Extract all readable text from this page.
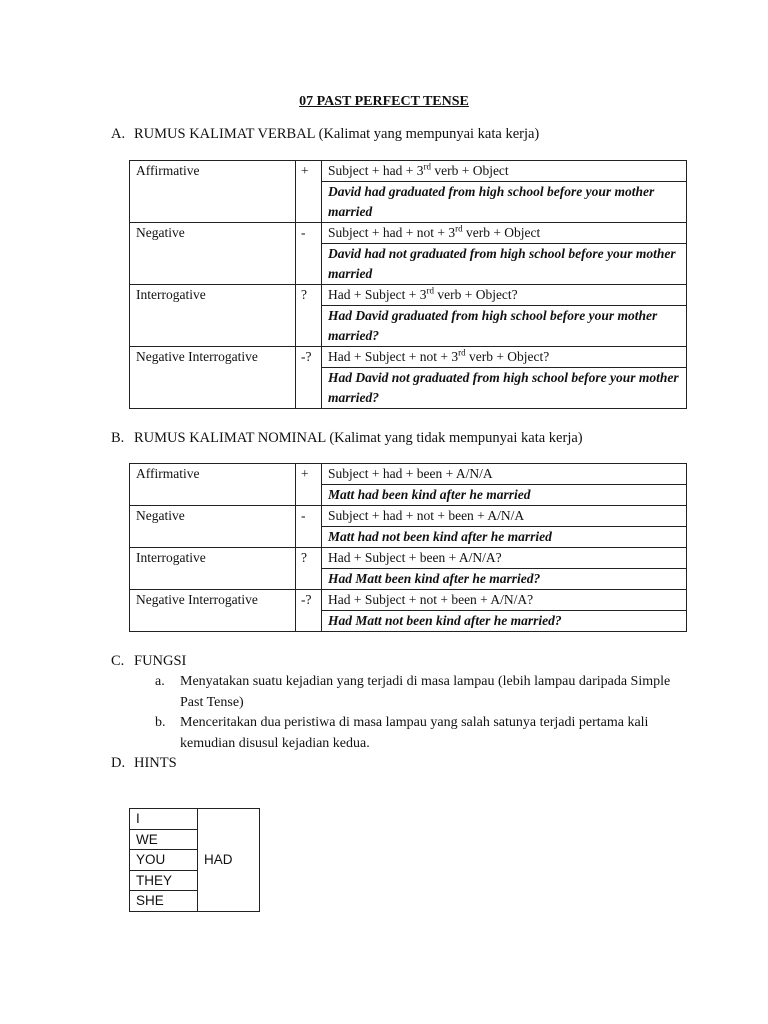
07 PAST PERFECT TENSE
A. RUMUS KALIMAT VERBAL (Kalimat yang mempunyai kata kerja)
Affirmative	+	Subject + had + 3rd verb + Object
		David had graduated from high school before your mother married
Negative	-	Subject + had + not + 3rd verb + Object
		David had not graduated from high school before your mother married
Interrogative	?	Had + Subject + 3rd verb + Object?
		Had David graduated from high school before your mother married?
Negative Interrogative	-?	Had + Subject + not + 3rd verb + Object?
		Had David not graduated from high school before your mother married?
B. RUMUS KALIMAT NOMINAL (Kalimat yang tidak mempunyai kata kerja)
Affirmative	+	Subject + had + been + A/N/A
		Matt had been kind after he married
Negative	-	Subject + had + not + been + A/N/A
		Matt had not been kind after he married
Interrogative	?	Had + Subject + been + A/N/A?
		Had Matt been kind after he married?
Negative Interrogative	-?	Had + Subject + not + been + A/N/A?
		Had Matt not been kind after he married?
C. FUNGSI
a. Menyatakan suatu kejadian yang terjadi di masa lampau (lebih lampau daripada Simple Past Tense)
b. Menceritakan dua peristiwa di masa lampau yang salah satunya terjadi pertama kali kemudian disusul kejadian kedua.
D. HINTS
I	HAD
WE
YOU
THEY
SHE
